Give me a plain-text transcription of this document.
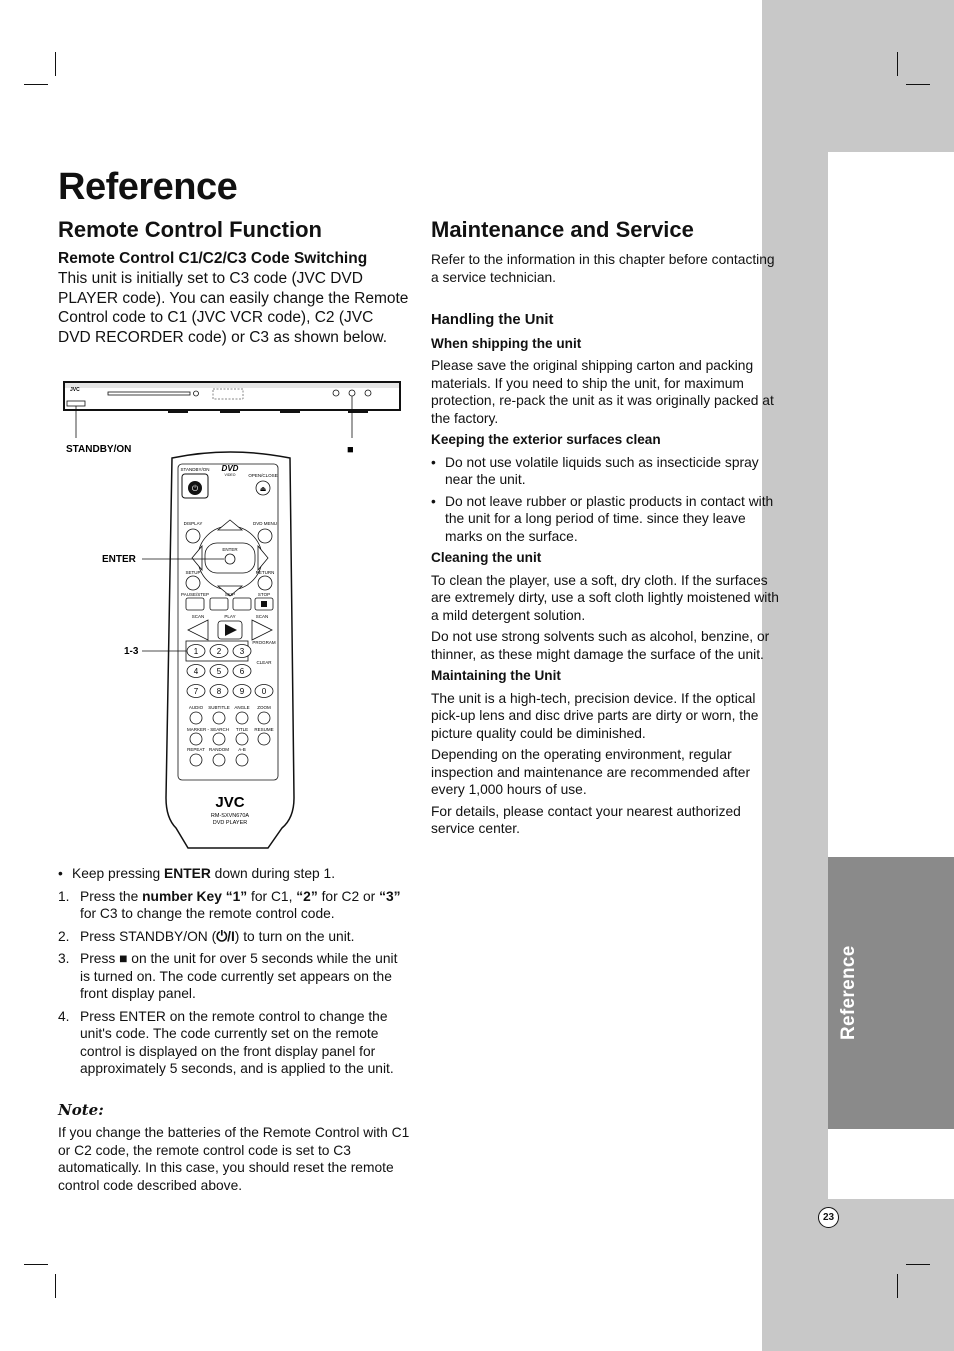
Reference
23
Reference
Remote Control Function
Remote Control C1/C2/C3 Code Switching

This unit is initially set to C3 code (JVC DVD PLAYER code). You can easily change the Remote Control code to C1 (JVC VCR code), C2 (JVC DVD RECORDER code) or C3 as shown below.

STANDBY/ON	■
⏻
STANDBY/ON DVD
VIDEO	OPEN/CLOSE
⏏
DISPLAY	DVD MENU
ENTER
ENTER
SETUP	RETURN
PAUSE/STEP	SKIP	STOP
SCAN	PLAY	SCAN
PROGRAM
CLEAR
1-3	1 2 3
4 5 6
7 8 9 0
AUDIO SUBTITLE ANGLE ZOOM
MARKER - SEARCH TITLE RESUME
REPEAT RANDOM A-B
JVC
RM-SXVN670A
DVD PLAYER
JVC

• Keep pressing ENTER down during step 1.

1. Press the number Key “1” for C1, “2” for C2 or “3” for C3 to change the remote control code.

2. Press STANDBY/ON (⏻/I) to turn on the unit.

3. Press ■ on the unit for over 5 seconds while the unit is turned on. The code currently set appears on the front display panel.

4. Press ENTER on the remote control to change the unit's code. The code currently set on the remote control is displayed on the front display panel for approximately 5 seconds, and is applied to the unit.

Note:

If you change the batteries of the Remote Control with C1 or C2 code, the remote control code is set to C3 automatically. In this case, you should reset the remote control code described above.

Maintenance and Service

Refer to the information in this chapter before contacting a service technician.

Handling the Unit

When shipping the unit

Please save the original shipping carton and packing materials. If you need to ship the unit, for maximum protection, re-pack the unit as it was originally packed at the factory.

Keeping the exterior surfaces clean

• Do not use volatile liquids such as insecticide spray near the unit.

• Do not leave rubber or plastic products in contact with the unit for a long period of time. since they leave marks on the surface.

Cleaning the unit

To clean the player, use a soft, dry cloth. If the surfaces are extremely dirty, use a soft cloth lightly moistened with a mild detergent solution.

Do not use strong solvents such as alcohol, benzine, or thinner, as these might damage the surface of the unit.

Maintaining the Unit

The unit is a high-tech, precision device. If the optical pick-up lens and disc drive parts are dirty or worn, the picture quality could be diminished.

Depending on the operating environment, regular inspection and maintenance are recommended after every 1,000 hours of use.

For details, please contact your nearest authorized service center.
